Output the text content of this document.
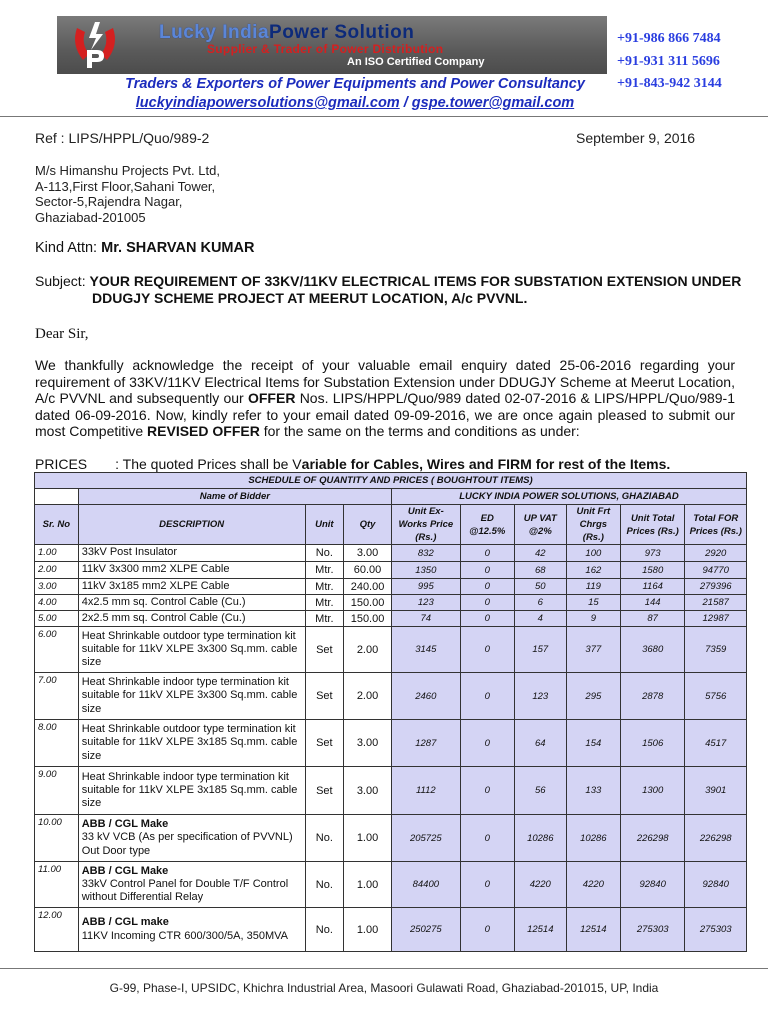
Lucky IndiaPower Solution
Supplier & Trader of Power Distribution
An ISO Certified Company
+91-986 866 7484
+91-931 311 5696
+91-843-942 3144
Traders & Exporters of Power Equipments and Power Consultancy
luckyindiapowersolutions@gmail.com / gspe.tower@gmail.com
Ref : LIPS/HPPL/Quo/989-2	September 9, 2016
M/s Himanshu Projects Pvt. Ltd,
A-113,First Floor,Sahani Tower,
Sector-5,Rajendra Nagar,
Ghaziabad-201005
Kind Attn: Mr. SHARVAN KUMAR
Subject: YOUR REQUIREMENT OF 33KV/11KV ELECTRICAL ITEMS FOR SUBSTATION EXTENSION UNDER
DDUGJY SCHEME PROJECT AT MEERUT LOCATION, A/c PVVNL.
Dear Sir,
We thankfully acknowledge the receipt of your valuable email enquiry dated 25-06-2016 regarding your requirement of 33KV/11KV Electrical Items for Substation Extension under DDUGJY Scheme at Meerut Location, A/c PVVNL and subsequently our OFFER Nos. LIPS/HPPL/Quo/989 dated 02-07-2016 & LIPS/HPPL/Quo/989-1 dated 06-09-2016. Now, kindly refer to your email dated 09-09-2016, we are once again pleased to submit our most Competitive REVISED OFFER for the same on the terms and conditions as under:
PRICES : The quoted Prices shall be Variable for Cables, Wires and FIRM for rest of the Items.
SCHEDULE OF QUANTITY AND PRICES ( BOUGHTOUT ITEMS)									
	Name of Bidder			LUCKY INDIA POWER SOLUTIONS, GHAZIABAD					
Sr. No	DESCRIPTION	Unit	Qty	Unit Ex-Works Price (Rs.)	ED @12.5%	UP VAT @2%	Unit Frt Chrgs (Rs.)	Unit Total Prices (Rs.)	Total FOR Prices (Rs.)
1.00	33kV Post Insulator	No.	3.00	832	0	42	100	973	2920
2.00	11kV 3x300 mm2 XLPE Cable	Mtr.	60.00	1350	0	68	162	1580	94770
3.00	11kV 3x185 mm2 XLPE Cable	Mtr.	240.00	995	0	50	119	1164	279396
4.00	4x2.5 mm sq. Control Cable (Cu.)	Mtr.	150.00	123	0	6	15	144	21587
5.00	2x2.5 mm sq. Control Cable (Cu.)	Mtr.	150.00	74	0	4	9	87	12987
6.00	Heat Shrinkable outdoor type termination kit suitable for 11kV XLPE 3x300 Sq.mm. cable size	Set	2.00	3145	0	157	377	3680	7359
7.00	Heat Shrinkable indoor type termination kit suitable for 11kV XLPE 3x300 Sq.mm. cable size	Set	2.00	2460	0	123	295	2878	5756
8.00	Heat Shrinkable outdoor type termination kit suitable for 11kV XLPE 3x185 Sq.mm. cable size	Set	3.00	1287	0	64	154	1506	4517
9.00	Heat Shrinkable indoor type termination kit suitable for 11kV XLPE 3x185 Sq.mm. cable size	Set	3.00	1112	0	56	133	1300	3901
10.00	ABB / CGL Make
33 kV VCB (As per specification of PVVNL) Out Door type	No.	1.00	205725	0	10286	10286	226298	226298
11.00	ABB / CGL Make
33kV Control Panel for Double T/F Control without Differential Relay	No.	1.00	84400	0	4220	4220	92840	92840
12.00	ABB / CGL make
11KV Incoming CTR 600/300/5A, 350MVA	No.	1.00	250275	0	12514	12514	275303	275303
G-99, Phase-I, UPSIDC, Khichra Industrial Area, Masoori Gulawati Road, Ghaziabad-201015, UP, India
